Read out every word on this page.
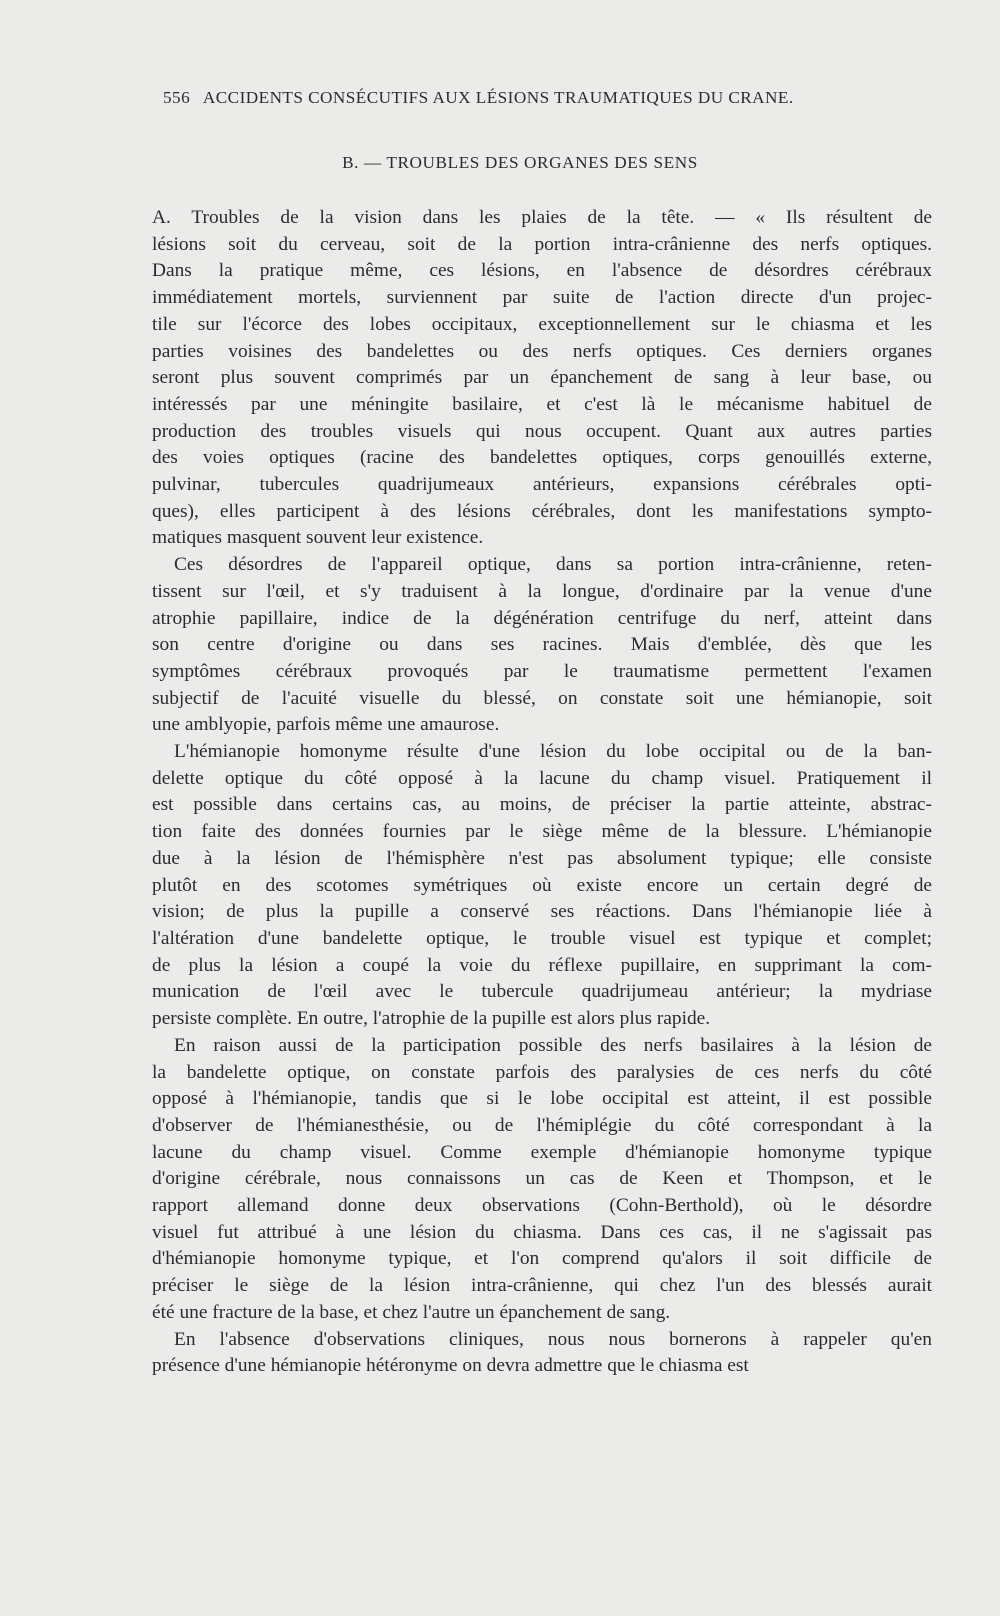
556 ACCIDENTS CONSÉCUTIFS AUX LÉSIONS TRAUMATIQUES DU CRANE.
B. — TROUBLES DES ORGANES DES SENS

A. Troubles de la vision dans les plaies de la tête. — « Ils résultent de
lésions soit du cerveau, soit de la portion intra-crânienne des nerfs optiques.
Dans la pratique même, ces lésions, en l'absence de désordres cérébraux
immédiatement mortels, surviennent par suite de l'action directe d'un projec-
tile sur l'écorce des lobes occipitaux, exceptionnellement sur le chiasma et les
parties voisines des bandelettes ou des nerfs optiques. Ces derniers organes
seront plus souvent comprimés par un épanchement de sang à leur base, ou
intéressés par une méningite basilaire, et c'est là le mécanisme habituel de
production des troubles visuels qui nous occupent. Quant aux autres parties
des voies optiques (racine des bandelettes optiques, corps genouillés externe,
pulvinar, tubercules quadrijumeaux antérieurs, expansions cérébrales opti-
ques), elles participent à des lésions cérébrales, dont les manifestations sympto-
matiques masquent souvent leur existence.

Ces désordres de l'appareil optique, dans sa portion intra-crânienne, reten-
tissent sur l'œil, et s'y traduisent à la longue, d'ordinaire par la venue d'une
atrophie papillaire, indice de la dégénération centrifuge du nerf, atteint dans
son centre d'origine ou dans ses racines. Mais d'emblée, dès que les
symptômes cérébraux provoqués par le traumatisme permettent l'examen
subjectif de l'acuité visuelle du blessé, on constate soit une hémianopie, soit
une amblyopie, parfois même une amaurose.

L'hémianopie homonyme résulte d'une lésion du lobe occipital ou de la ban-
delette optique du côté opposé à la lacune du champ visuel. Pratiquement il
est possible dans certains cas, au moins, de préciser la partie atteinte, abstrac-
tion faite des données fournies par le siège même de la blessure. L'hémianopie
due à la lésion de l'hémisphère n'est pas absolument typique; elle consiste
plutôt en des scotomes symétriques où existe encore un certain degré de
vision; de plus la pupille a conservé ses réactions. Dans l'hémianopie liée à
l'altération d'une bandelette optique, le trouble visuel est typique et complet;
de plus la lésion a coupé la voie du réflexe pupillaire, en supprimant la com-
munication de l'œil avec le tubercule quadrijumeau antérieur; la mydriase
persiste complète. En outre, l'atrophie de la pupille est alors plus rapide.

En raison aussi de la participation possible des nerfs basilaires à la lésion de
la bandelette optique, on constate parfois des paralysies de ces nerfs du côté
opposé à l'hémianopie, tandis que si le lobe occipital est atteint, il est possible
d'observer de l'hémianesthésie, ou de l'hémiplégie du côté correspondant à la
lacune du champ visuel. Comme exemple d'hémianopie homonyme typique
d'origine cérébrale, nous connaissons un cas de Keen et Thompson, et le
rapport allemand donne deux observations (Cohn-Berthold), où le désordre
visuel fut attribué à une lésion du chiasma. Dans ces cas, il ne s'agissait pas
d'hémianopie homonyme typique, et l'on comprend qu'alors il soit difficile de
préciser le siège de la lésion intra-crânienne, qui chez l'un des blessés aurait
été une fracture de la base, et chez l'autre un épanchement de sang.

En l'absence d'observations cliniques, nous nous bornerons à rappeler qu'en
présence d'une hémianopie hétéronyme on devra admettre que le chiasma est
